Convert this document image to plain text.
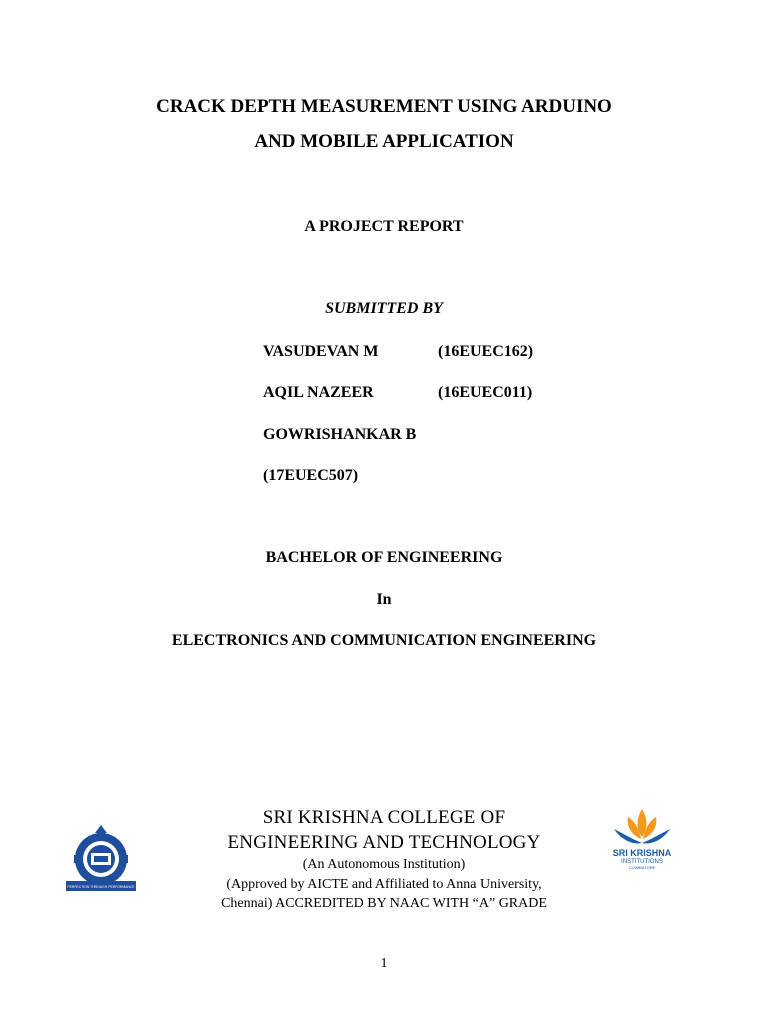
CRACK DEPTH MEASUREMENT USING ARDUINO
AND MOBILE APPLICATION
A PROJECT REPORT
SUBMITTED BY
VASUDEVAN M	(16EUEC162)
AQIL NAZEER	(16EUEC011)
GOWRISHANKAR B
(17EUEC507)
BACHELOR OF ENGINEERING
In
ELECTRONICS AND COMMUNICATION ENGINEERING
PERFECTION THROUGH PERFORMANCE
SRI KRISHNA COLLEGE OF
ENGINEERING AND TECHNOLOGY
(An Autonomous Institution)
(Approved by AICTE and Affiliated to Anna University,
Chennai) ACCREDITED BY NAAC WITH “A” GRADE
SRI KRISHNA
INSTITUTIONS
COIMBATORE
1
